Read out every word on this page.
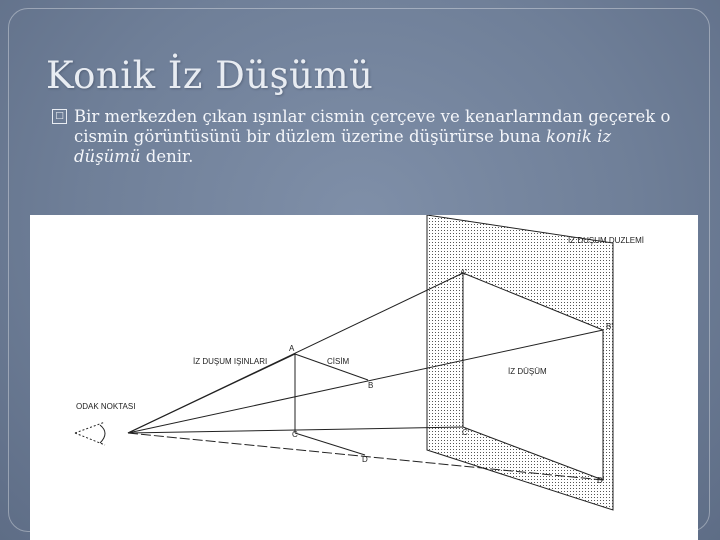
Konik İz Düşümü
□ Bir merkezden çıkan ışınlar cismin çerçeve ve kenarlarından geçerek o cismin görüntüsünü bir düzlem üzerine düşürürse buna konik iz düşümü denir.
İZ DUŞUM DUZLEMİ
İZ DUŞUM IŞINLARI	CİSİM
İZ DÜŞÜM
ODAK NOKTASI
A
B
C
D
A'
B'
C'
D'
